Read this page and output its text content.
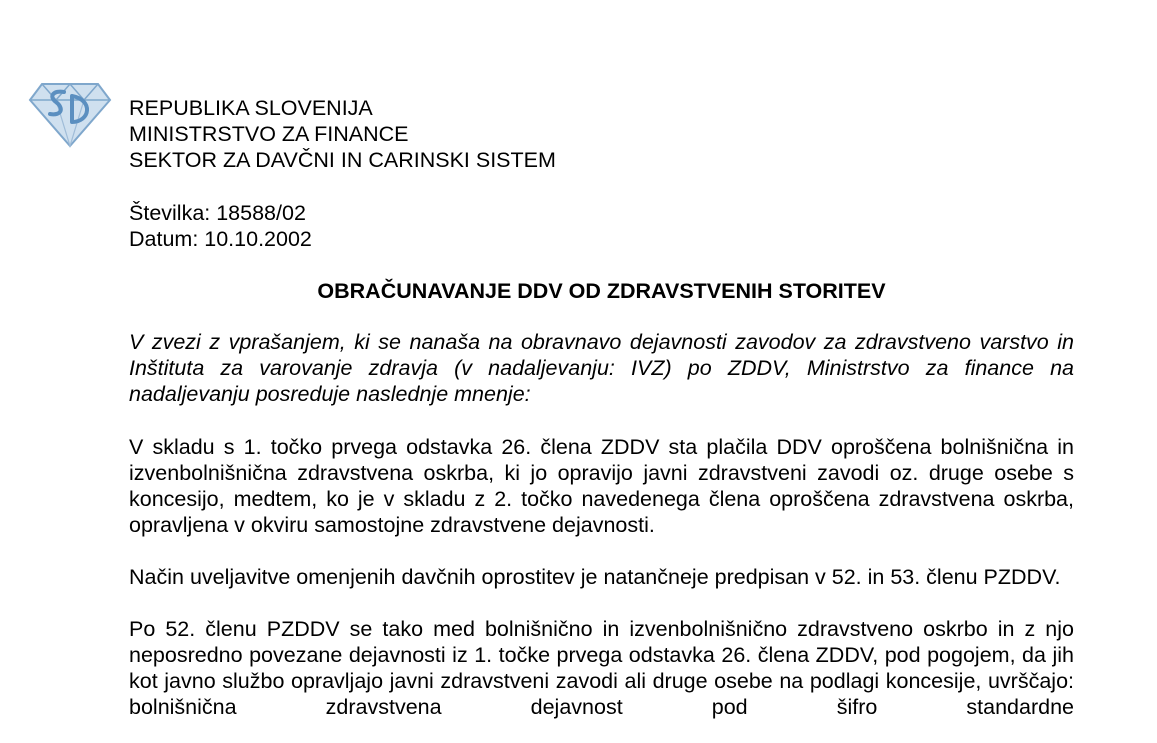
REPUBLIKA SLOVENIJA
MINISTRSTVO ZA FINANCE
SEKTOR ZA DAVČNI IN CARINSKI SISTEM
Številka: 18588/02
Datum: 10.10.2002
OBRAČUNAVANJE DDV OD ZDRAVSTVENIH STORITEV

V zvezi z vprašanjem, ki se nanaša na obravnavo dejavnosti zavodov za zdravstveno varstvo in Inštituta za varovanje zdravja (v nadaljevanju: IVZ) po ZDDV, Ministrstvo za finance na nadaljevanju posreduje naslednje mnenje:

V skladu s 1. točko prvega odstavka 26. člena ZDDV sta plačila DDV oproščena bolnišnična in izvenbolnišnična zdravstvena oskrba, ki jo opravijo javni zdravstveni zavodi oz. druge osebe s koncesijo, medtem, ko je v skladu z 2. točko navedenega člena oproščena zdravstvena oskrba, opravljena v okviru samostojne zdravstvene dejavnosti.

Način uveljavitve omenjenih davčnih oprostitev je natančneje predpisan v 52. in 53. členu PZDDV.

Po 52. členu PZDDV se tako med bolnišnično in izvenbolnišnično zdravstveno oskrbo in z njo neposredno povezane dejavnosti iz 1. točke prvega odstavka 26. člena ZDDV, pod pogojem, da jih kot javno službo opravljajo javni zdravstveni zavodi ali druge osebe na podlagi koncesije, uvrščajo: bolnišnična zdravstvena dejavnost pod šifro standardne
